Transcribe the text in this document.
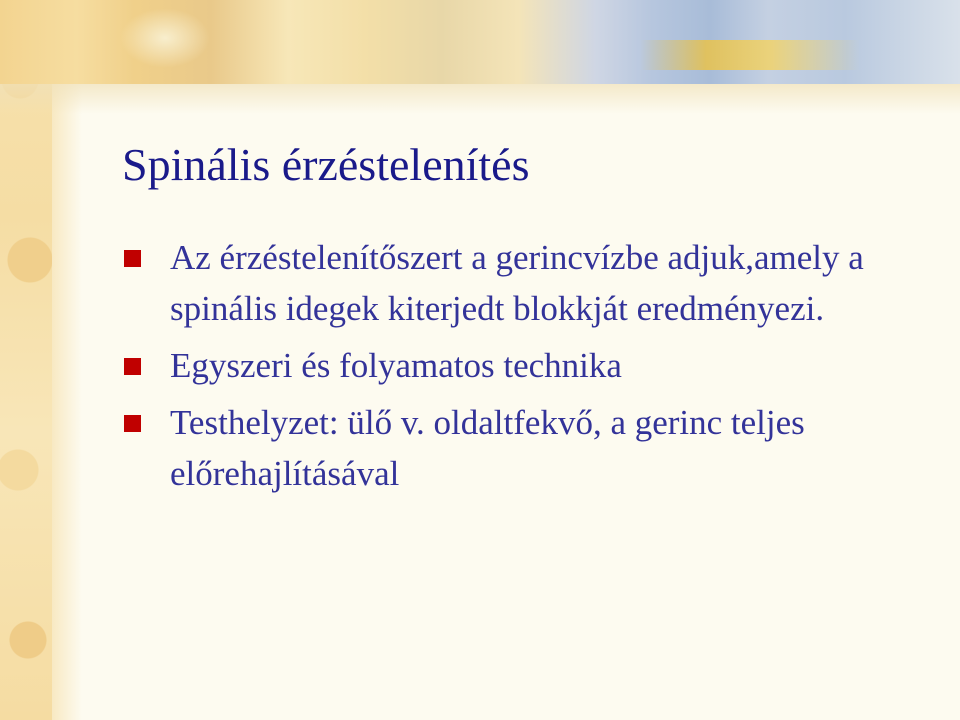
Spinális érzéstelenítés
Az érzéstelenítőszert a gerincvízbe adjuk,amely a spinális idegek kiterjedt blokkját eredményezi.
Egyszeri és folyamatos technika
Testhelyzet: ülő v. oldaltfekvő, a gerinc teljes előrehajlításával
